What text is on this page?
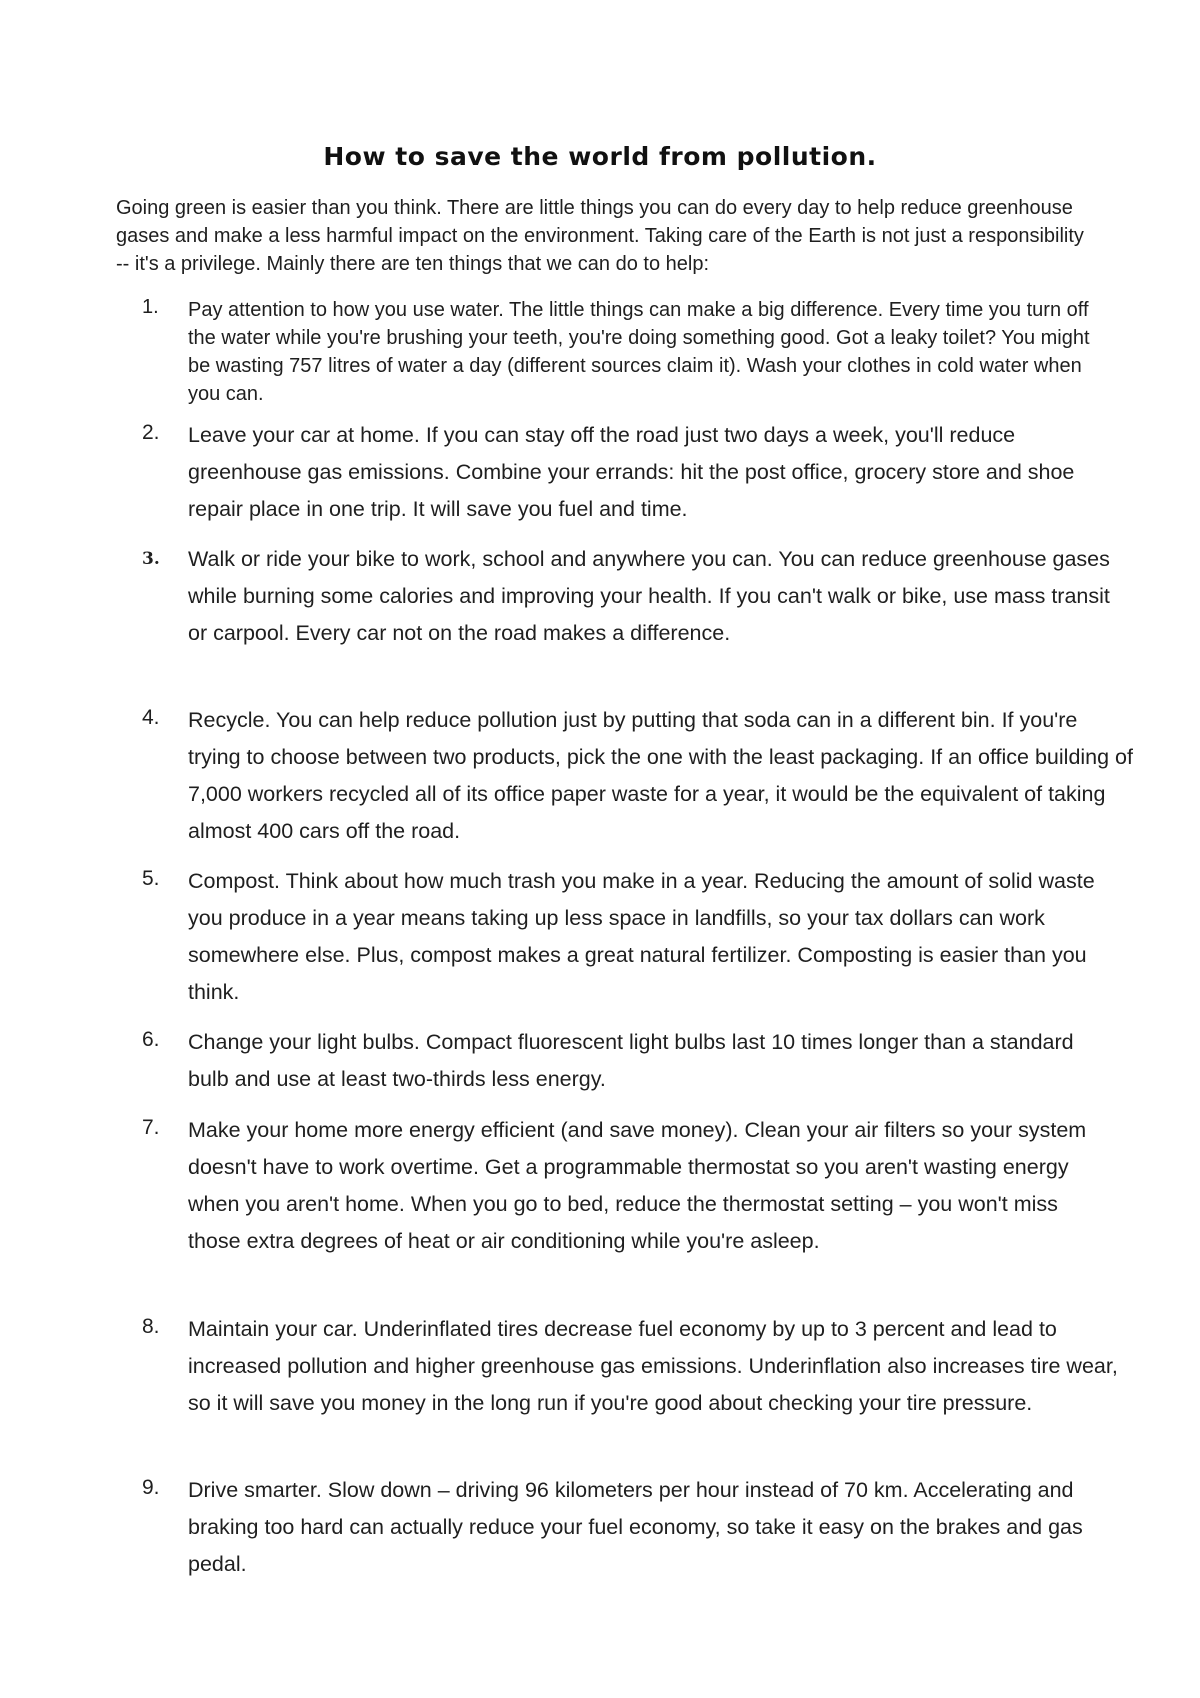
How to save the world from pollution.

Going green is easier than you think. There are little things you can do every day to help reduce greenhouse gases and make a less harmful impact on the environment. Taking care of the Earth is not just a responsibility -- it's a privilege. Mainly there are ten things that we can do to help:

1.	Pay attention to how you use water. The little things can make a big difference. Every time you turn off the water while you're brushing your teeth, you're doing something good. Got a leaky toilet? You might be wasting 757 litres of water a day (different sources claim it). Wash your clothes in cold water when you can.

2.	Leave your car at home. If you can stay off the road just two days a week, you'll reduce greenhouse gas emissions. Combine your errands: hit the post office, grocery store and shoe repair place in one trip. It will save you fuel and time.

3.	Walk or ride your bike to work, school and anywhere you can. You can reduce greenhouse gases while burning some calories and improving your health. If you can't walk or bike, use mass transit or carpool. Every car not on the road makes a difference.

4.	Recycle. You can help reduce pollution just by putting that soda can in a different bin. If you're trying to choose between two products, pick the one with the least packaging. If an office building of 7,000 workers recycled all of its office paper waste for a year, it would be the equivalent of taking almost 400 cars off the road.

5.	Compost. Think about how much trash you make in a year. Reducing the amount of solid waste you produce in a year means taking up less space in landfills, so your tax dollars can work somewhere else. Plus, compost makes a great natural fertilizer. Composting is easier than you think.

6.	Change your light bulbs. Compact fluorescent light bulbs last 10 times longer than a standard bulb and use at least two-thirds less energy.

7.	Make your home more energy efficient (and save money). Clean your air filters so your system doesn't have to work overtime. Get a programmable thermostat so you aren't wasting energy when you aren't home. When you go to bed, reduce the thermostat setting – you won't miss those extra degrees of heat or air conditioning while you're asleep.

8.	Maintain your car. Underinflated tires decrease fuel economy by up to 3 percent and lead to increased pollution and higher greenhouse gas emissions. Underinflation also increases tire wear, so it will save you money in the long run if you're good about checking your tire pressure.

9.	Drive smarter. Slow down – driving 96 kilometers per hour instead of 70 km. Accelerating and braking too hard can actually reduce your fuel economy, so take it easy on the brakes and gas pedal.
